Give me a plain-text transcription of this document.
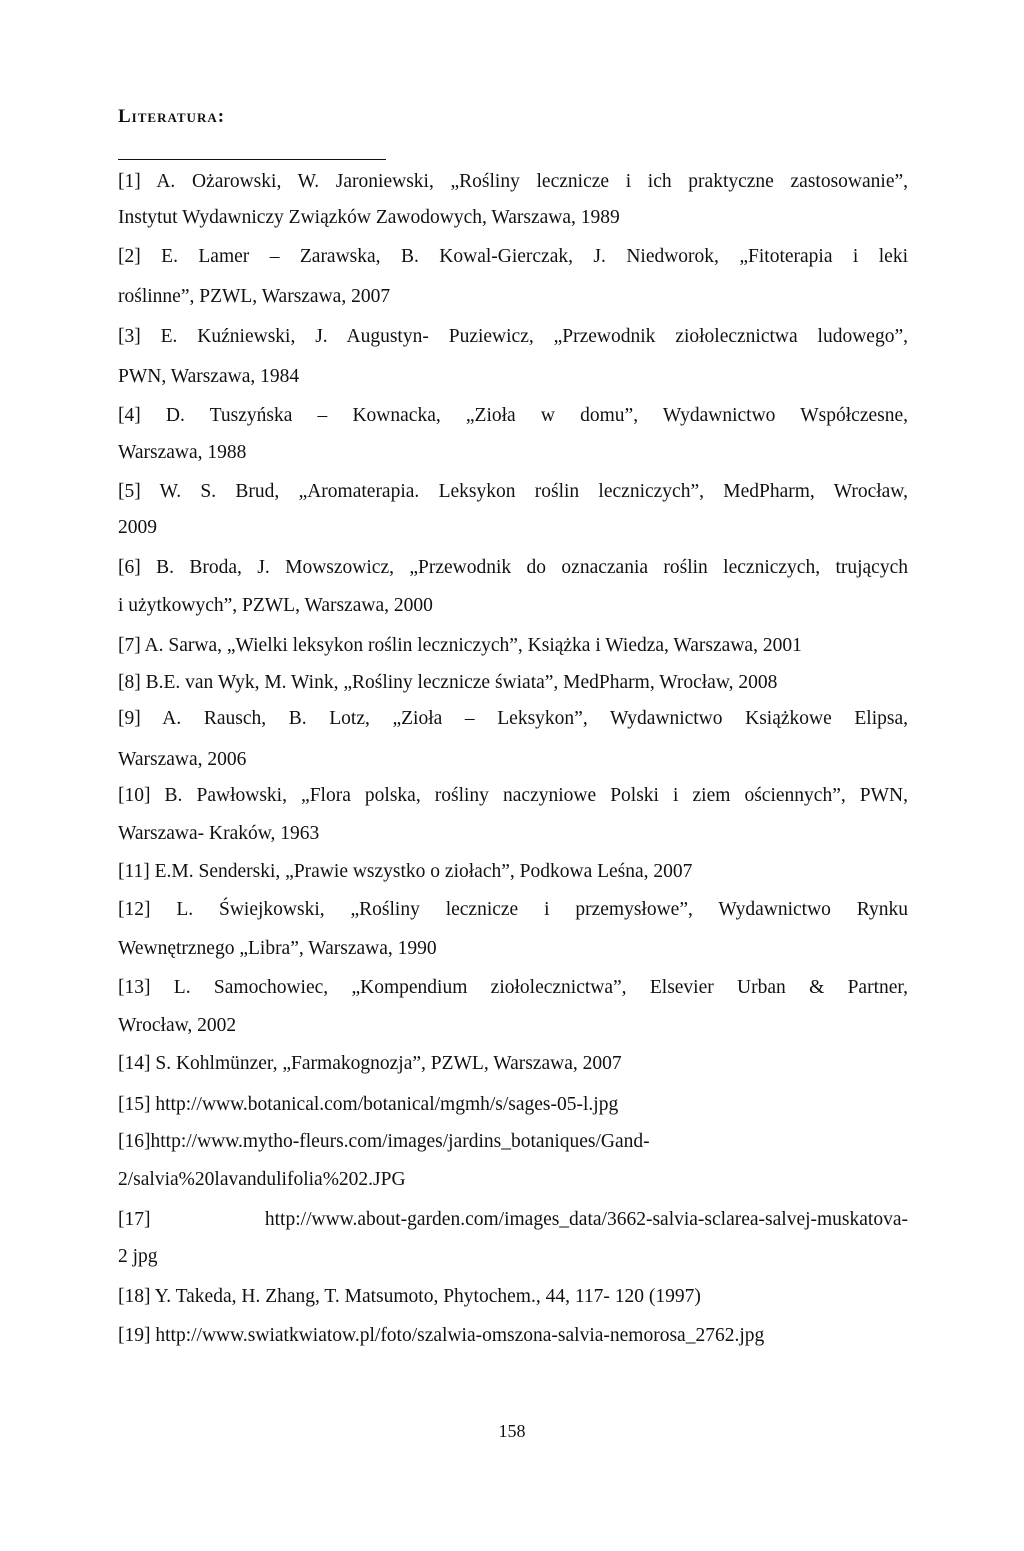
Literatura:
[1] A. Ożarowski, W. Jaroniewski, „Rośliny lecznicze i ich praktyczne zastosowanie”,
Instytut Wydawniczy Związków Zawodowych, Warszawa, 1989
[2] E. Lamer – Zarawska, B. Kowal-Gierczak, J. Niedworok, „Fitoterapia i leki
roślinne”, PZWL, Warszawa, 2007
[3] E. Kuźniewski, J. Augustyn- Puziewicz, „Przewodnik ziołolecznictwa ludowego”,
PWN, Warszawa, 1984
[4] D. Tuszyńska – Kownacka, „Zioła w domu”, Wydawnictwo Współczesne,
Warszawa, 1988
[5] W. S. Brud, „Aromaterapia. Leksykon roślin leczniczych”, MedPharm, Wrocław,
2009
[6] B. Broda, J. Mowszowicz, „Przewodnik do oznaczania roślin leczniczych, trujących
i użytkowych”, PZWL, Warszawa, 2000
[7] A. Sarwa, „Wielki leksykon roślin leczniczych”, Książka i Wiedza, Warszawa, 2001
[8] B.E. van Wyk, M. Wink, „Rośliny lecznicze świata”, MedPharm, Wrocław, 2008
[9] A. Rausch, B. Lotz, „Zioła – Leksykon”, Wydawnictwo Książkowe Elipsa,
Warszawa, 2006
[10] B. Pawłowski, „Flora polska, rośliny naczyniowe Polski i ziem ościennych”, PWN,
Warszawa- Kraków, 1963
[11] E.M. Senderski, „Prawie wszystko o ziołach”, Podkowa Leśna, 2007
[12] L. Świejkowski, „Rośliny lecznicze i przemysłowe”, Wydawnictwo Rynku
Wewnętrznego „Libra”, Warszawa, 1990
[13] L. Samochowiec, „Kompendium ziołolecznictwa”, Elsevier Urban & Partner,
Wrocław, 2002
[14] S. Kohlmünzer, „Farmakognozja”, PZWL, Warszawa, 2007
[15] http://www.botanical.com/botanical/mgmh/s/sages-05-l.jpg
[16]http://www.mytho-fleurs.com/images/jardins_botaniques/Gand-
2/salvia%20lavandulifolia%202.JPG
[17] http://www.about-garden.com/images_data/3662-salvia-sclarea-salvej-muskatova-
2 jpg
[18] Y. Takeda, H. Zhang, T. Matsumoto, Phytochem., 44, 117- 120 (1997)
[19] http://www.swiatkwiatow.pl/foto/szalwia-omszona-salvia-nemorosa_2762.jpg
158
